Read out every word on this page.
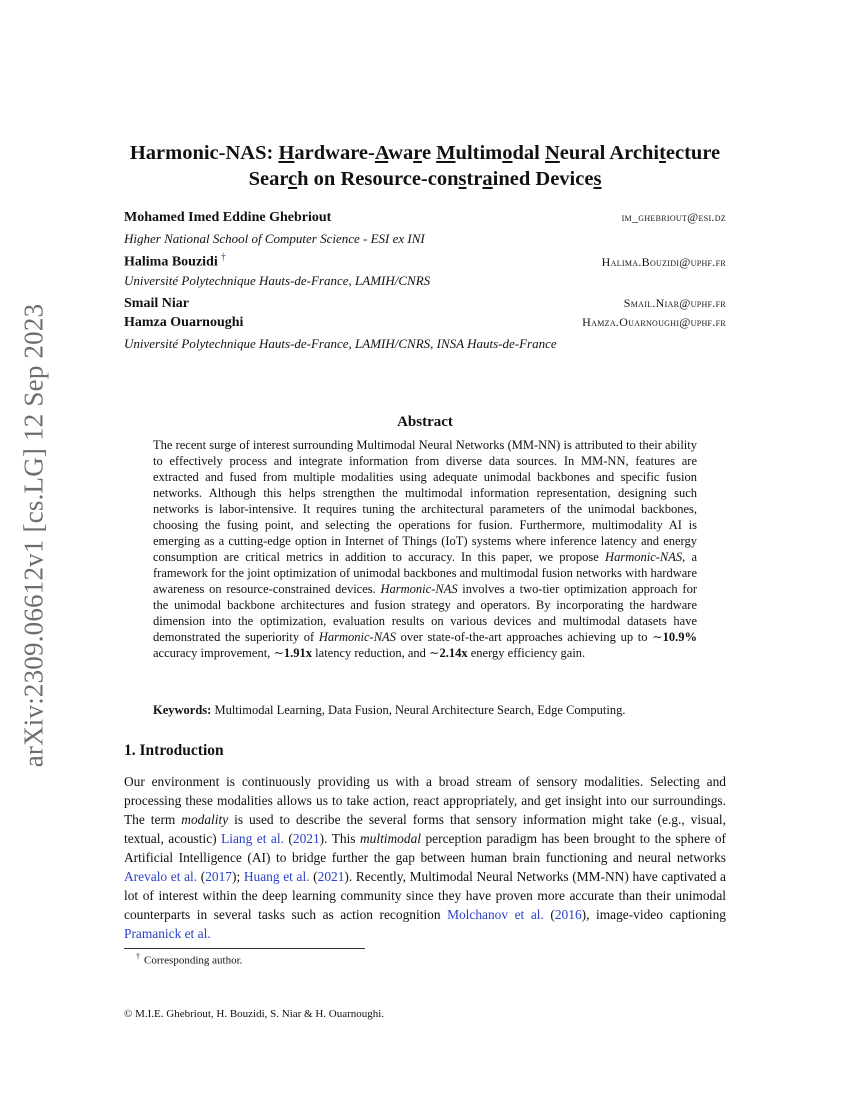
arXiv:2309.06612v1 [cs.LG] 12 Sep 2023
Harmonic-NAS: Hardware-Aware Multimodal Neural Architecture
Search on Resource-constrained Devices
Mohamed Imed Eddine Ghebriout	im_ghebriout@esi.dz
Higher National School of Computer Science - ESI ex INI
Halima Bouzidi †	Halima.Bouzidi@uphf.fr
Université Polytechnique Hauts-de-France, LAMIH/CNRS
Smail Niar	Smail.Niar@uphf.fr
Hamza Ouarnoughi	Hamza.Ouarnoughi@uphf.fr
Université Polytechnique Hauts-de-France, LAMIH/CNRS, INSA Hauts-de-France
Abstract

The recent surge of interest surrounding Multimodal Neural Networks (MM-NN) is attributed to their ability to effectively process and integrate information from diverse data sources. In MM-NN, features are extracted and fused from multiple modalities using adequate unimodal backbones and specific fusion networks. Although this helps strengthen the multimodal information representation, designing such networks is labor-intensive. It requires tuning the architectural parameters of the unimodal backbones, choosing the fusing point, and selecting the operations for fusion. Furthermore, multimodality AI is emerging as a cutting-edge option in Internet of Things (IoT) systems where inference latency and energy consumption are critical metrics in addition to accuracy. In this paper, we propose Harmonic-NAS, a framework for the joint optimization of unimodal backbones and multimodal fusion networks with hardware awareness on resource-constrained devices. Harmonic-NAS involves a two-tier optimization approach for the unimodal backbone architectures and fusion strategy and operators. By incorporating the hardware dimension into the optimization, evaluation results on various devices and multimodal datasets have demonstrated the superiority of Harmonic-NAS over state-of-the-art approaches achieving up to ∼10.9% accuracy improvement, ∼1.91x latency reduction, and ∼2.14x energy efficiency gain.

Keywords: Multimodal Learning, Data Fusion, Neural Architecture Search, Edge Computing.
1. Introduction

Our environment is continuously providing us with a broad stream of sensory modalities. Selecting and processing these modalities allows us to take action, react appropriately, and get insight into our surroundings. The term modality is used to describe the several forms that sensory information might take (e.g., visual, textual, acoustic) Liang et al. (2021). This multimodal perception paradigm has been brought to the sphere of Artificial Intelligence (AI) to bridge further the gap between human brain functioning and neural networks Arevalo et al. (2017); Huang et al. (2021). Recently, Multimodal Neural Networks (MM-NN) have captivated a lot of interest within the deep learning community since they have proven more accurate than their unimodal counterparts in several tasks such as action recognition Molchanov et al. (2016), image-video captioning Pramanick et al.

† Corresponding author.
© M.I.E. Ghebriout, H. Bouzidi, S. Niar & H. Ouarnoughi.
